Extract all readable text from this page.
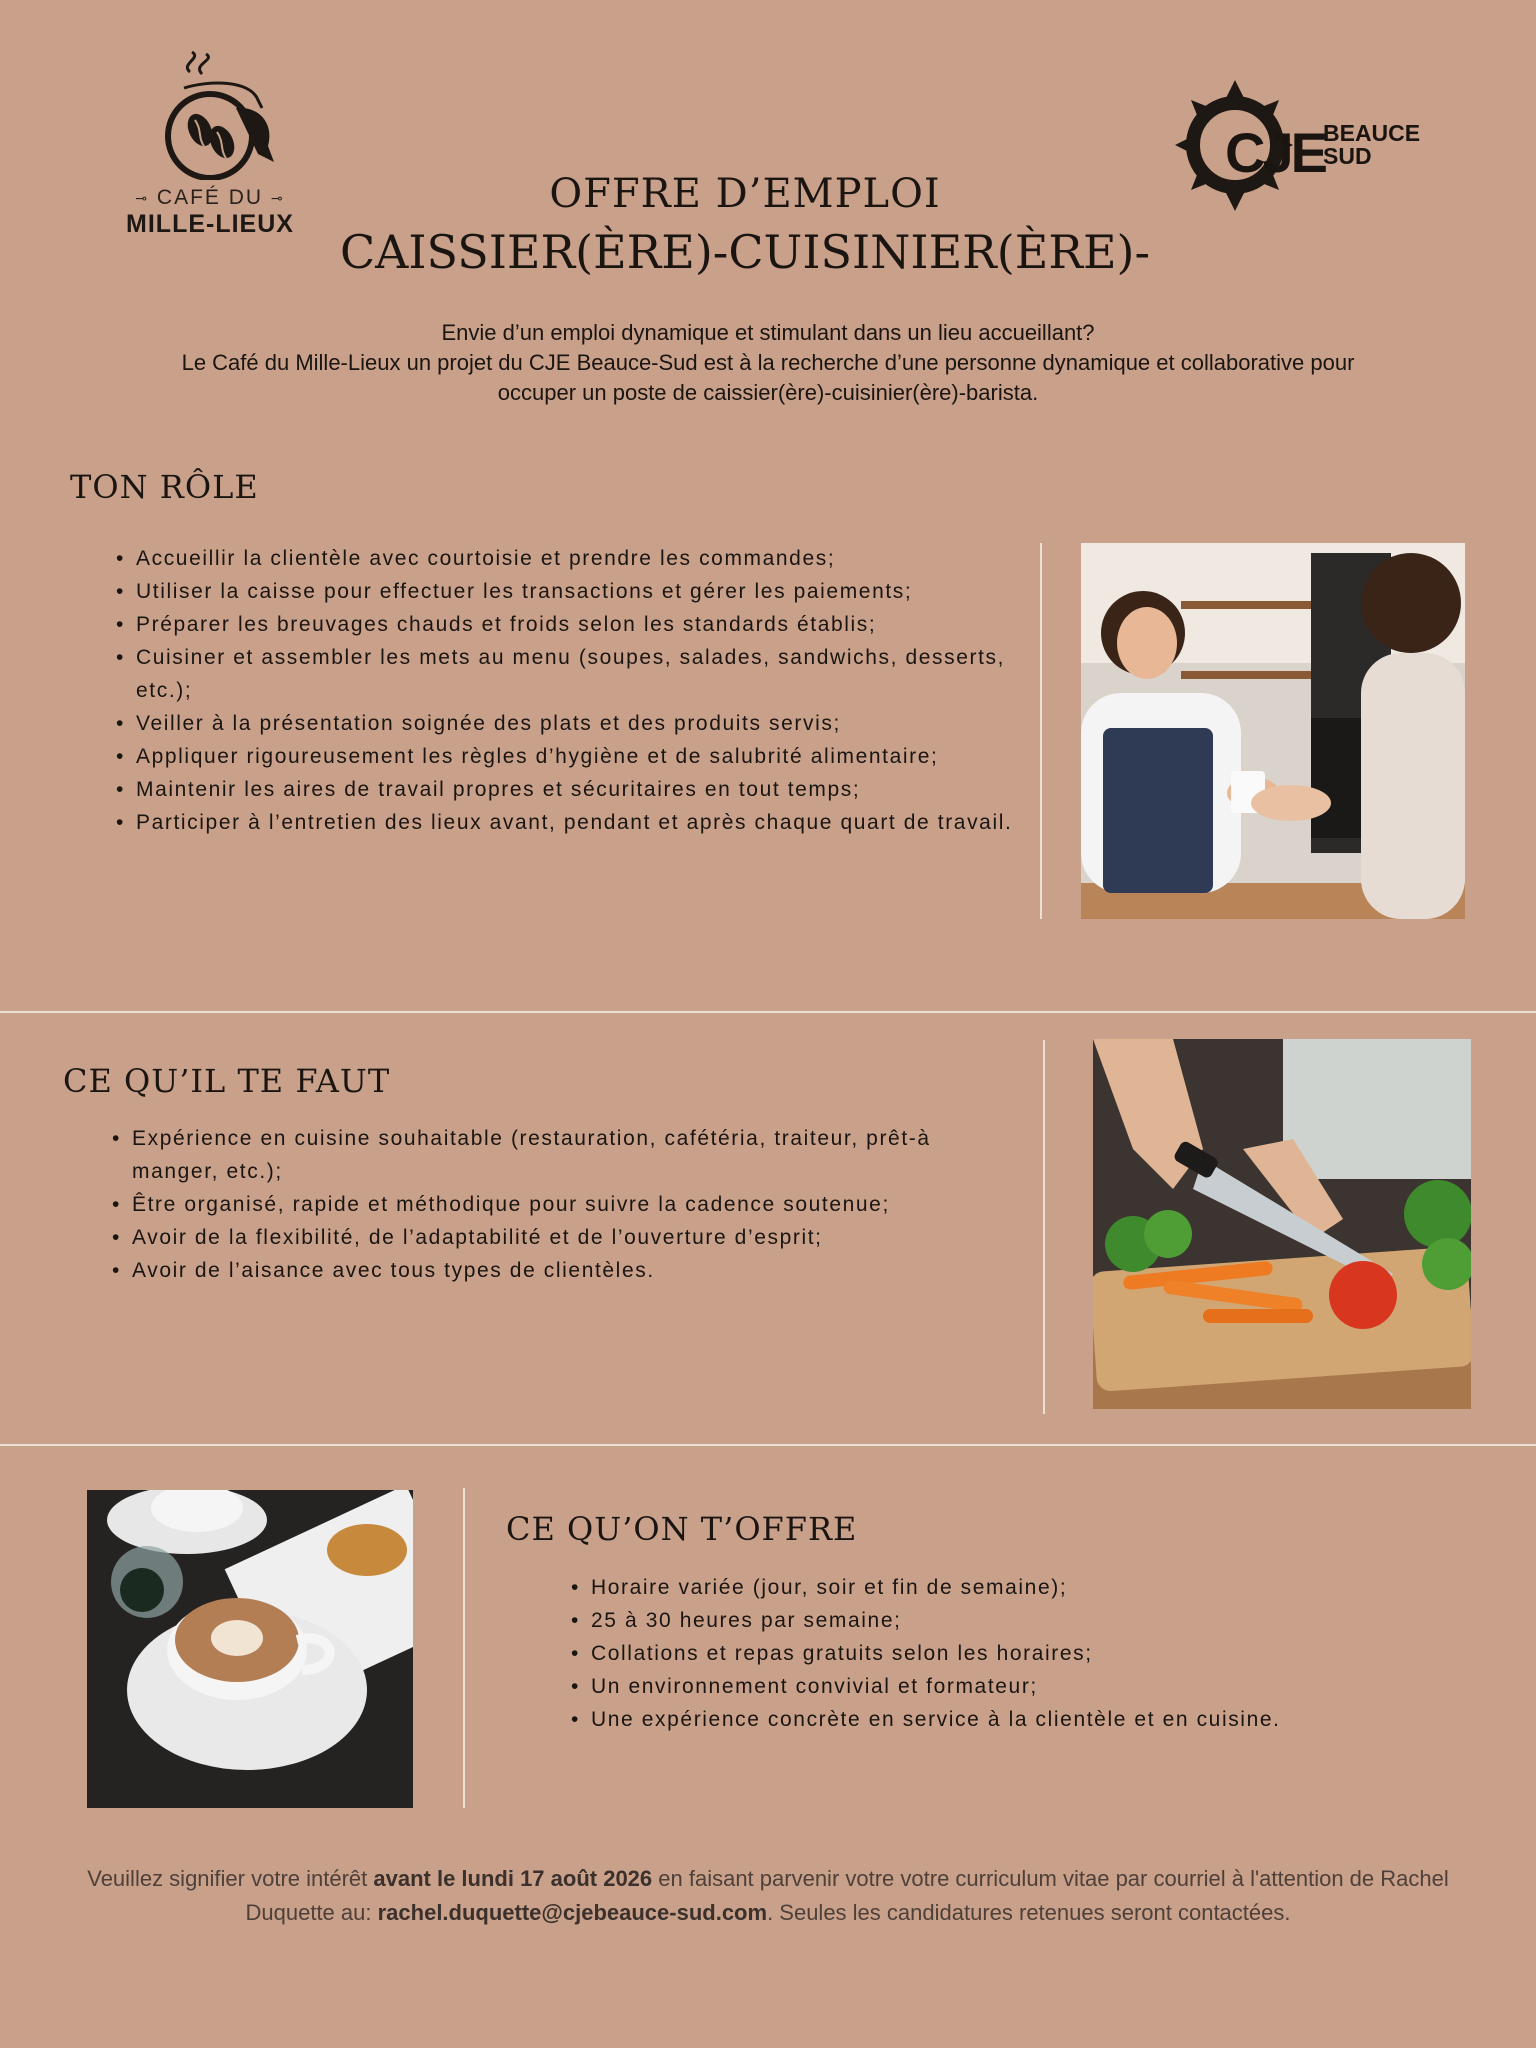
⊸ CAFÉ DU ⊸
MILLE-LIEUX
CJE
BEAUCE
SUD
OFFRE D’EMPLOI
CAISSIER(ÈRE)-CUISINIER(ÈRE)-
Envie d’un emploi dynamique et stimulant dans un lieu accueillant?
Le Café du Mille-Lieux un projet du CJE Beauce-Sud est à la recherche d’une personne dynamique et collaborative pour occuper un poste de caissier(ère)-cuisinier(ère)-barista.
TON RÔLE
• Accueillir la clientèle avec courtoisie et prendre les commandes;
• Utiliser la caisse pour effectuer les transactions et gérer les paiements;
• Préparer les breuvages chauds et froids selon les standards établis;
• Cuisiner et assembler les mets au menu (soupes, salades, sandwichs, desserts, etc.);
• Veiller à la présentation soignée des plats et des produits servis;
• Appliquer rigoureusement les règles d’hygiène et de salubrité alimentaire;
• Maintenir les aires de travail propres et sécuritaires en tout temps;
• Participer à l’entretien des lieux avant, pendant et après chaque quart de travail.
CE QU’IL TE FAUT
• Expérience en cuisine souhaitable (restauration, cafétéria, traiteur, prêt-à manger, etc.);
• Être organisé, rapide et méthodique pour suivre la cadence soutenue;
• Avoir de la flexibilité, de l’adaptabilité et de l’ouverture d’esprit;
• Avoir de l’aisance avec tous types de clientèles.
CE QU’ON T’OFFRE
• Horaire variée (jour, soir et fin de semaine);
• 25 à 30 heures par semaine;
• Collations et repas gratuits selon les horaires;
• Un environnement convivial et formateur;
• Une expérience concrète en service à la clientèle et en cuisine.
Veuillez signifier votre intérêt avant le lundi 17 août 2026 en faisant parvenir votre votre curriculum vitae par courriel à l'attention de Rachel Duquette au: rachel.duquette@cjebeauce-sud.com. Seules les candidatures retenues seront contactées.
